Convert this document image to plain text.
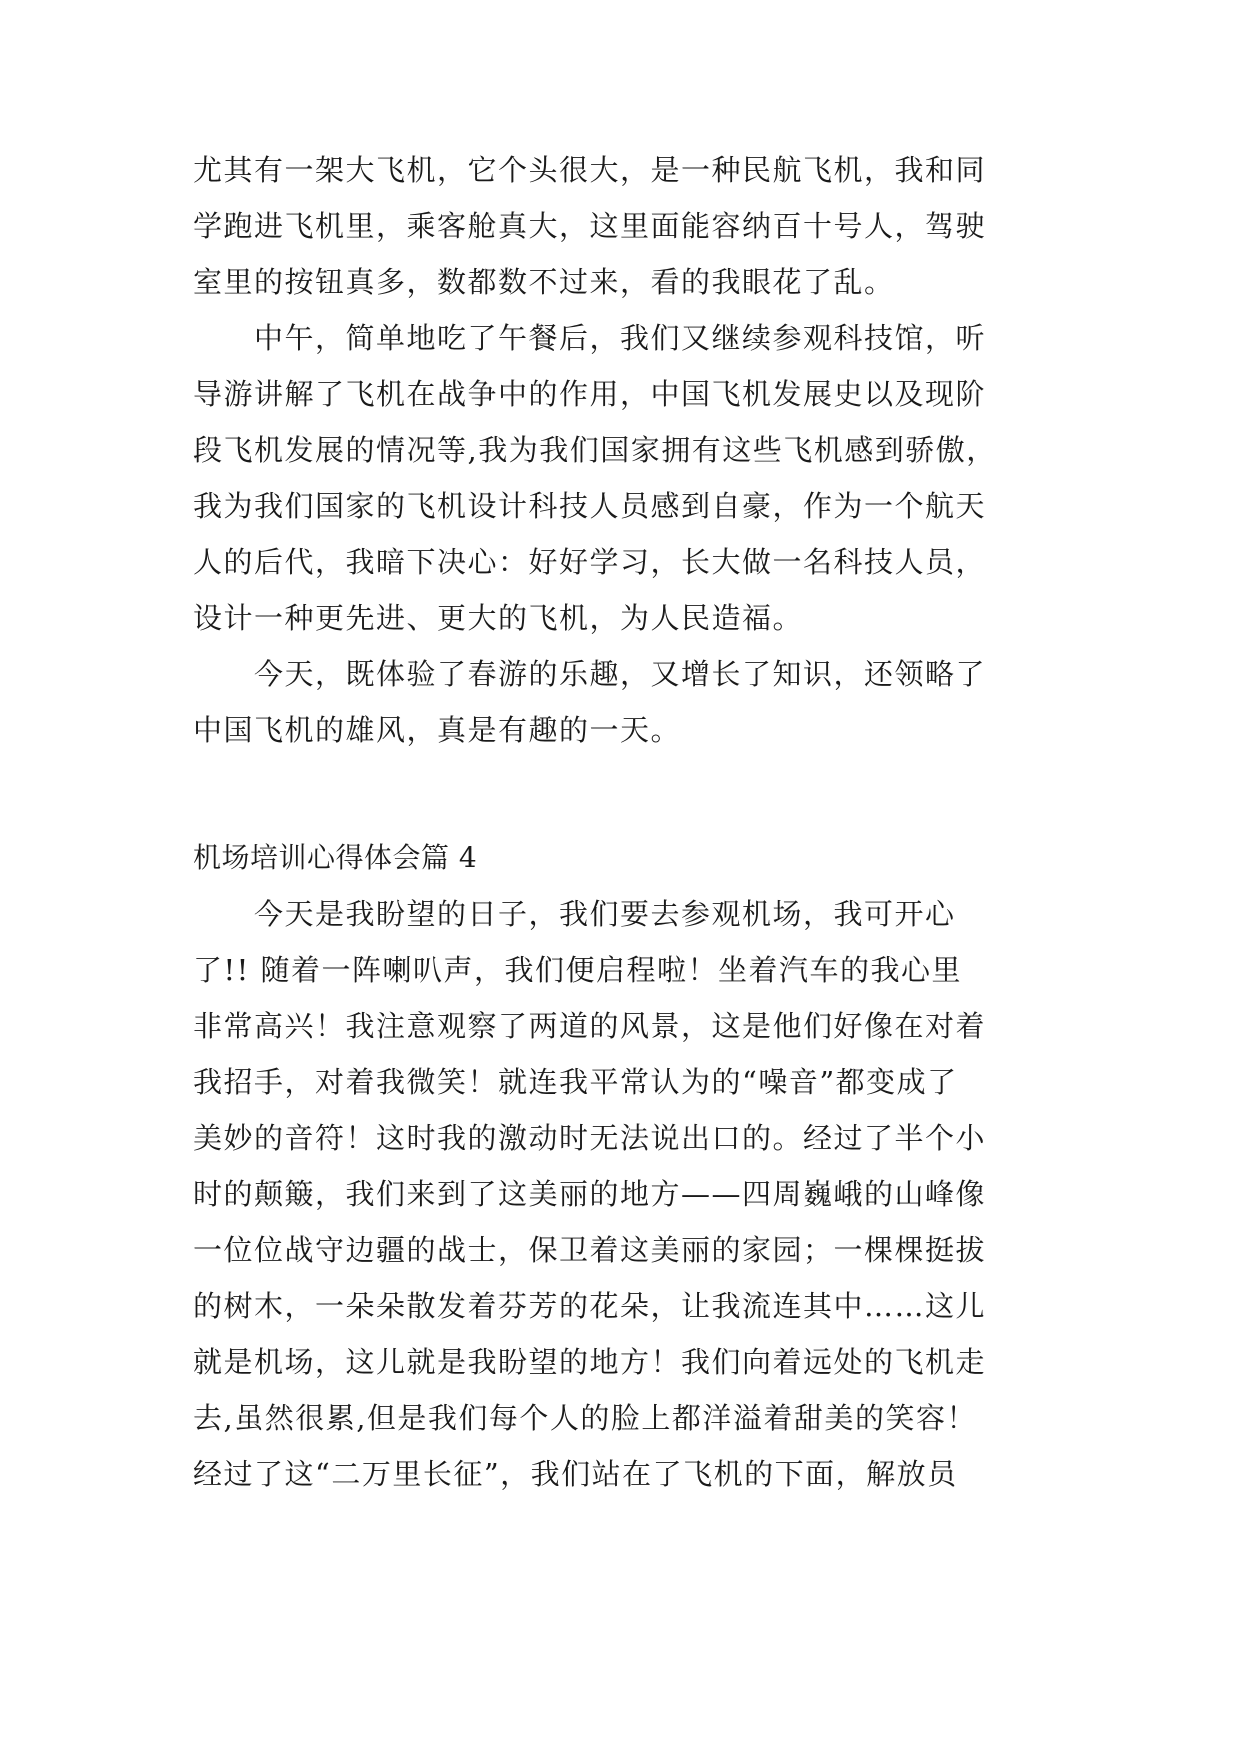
尤其有一架大飞机，它个头很大，是一种民航飞机，我和同
学跑进飞机里，乘客舱真大，这里面能容纳百十号人，驾驶
室里的按钮真多，数都数不过来，看的我眼花了乱。
　　中午，简单地吃了午餐后，我们又继续参观科技馆，听
导游讲解了飞机在战争中的作用，中国飞机发展史以及现阶
段飞机发展的情况等,我为我们国家拥有这些飞机感到骄傲，
我为我们国家的飞机设计科技人员感到自豪，作为一个航天
人的后代，我暗下决心：好好学习，长大做一名科技人员，
设计一种更先进、更大的飞机，为人民造福。
　　今天，既体验了春游的乐趣，又增长了知识，还领略了
中国飞机的雄风，真是有趣的一天。
机场培训心得体会篇 4
　　今天是我盼望的日子，我们要去参观机场，我可开心
了!! 随着一阵喇叭声，我们便启程啦！坐着汽车的我心里
非常高兴！我注意观察了两道的风景，这是他们好像在对着
我招手，对着我微笑！就连我平常认为的“噪音”都变成了
美妙的音符！这时我的激动时无法说出口的。经过了半个小
时的颠簸，我们来到了这美丽的地方——四周巍峨的山峰像
一位位战守边疆的战士，保卫着这美丽的家园；一棵棵挺拔
的树木，一朵朵散发着芬芳的花朵，让我流连其中……这儿
就是机场，这儿就是我盼望的地方！我们向着远处的飞机走
去,虽然很累,但是我们每个人的脸上都洋溢着甜美的笑容！
经过了这“二万里长征”，我们站在了飞机的下面，解放员
